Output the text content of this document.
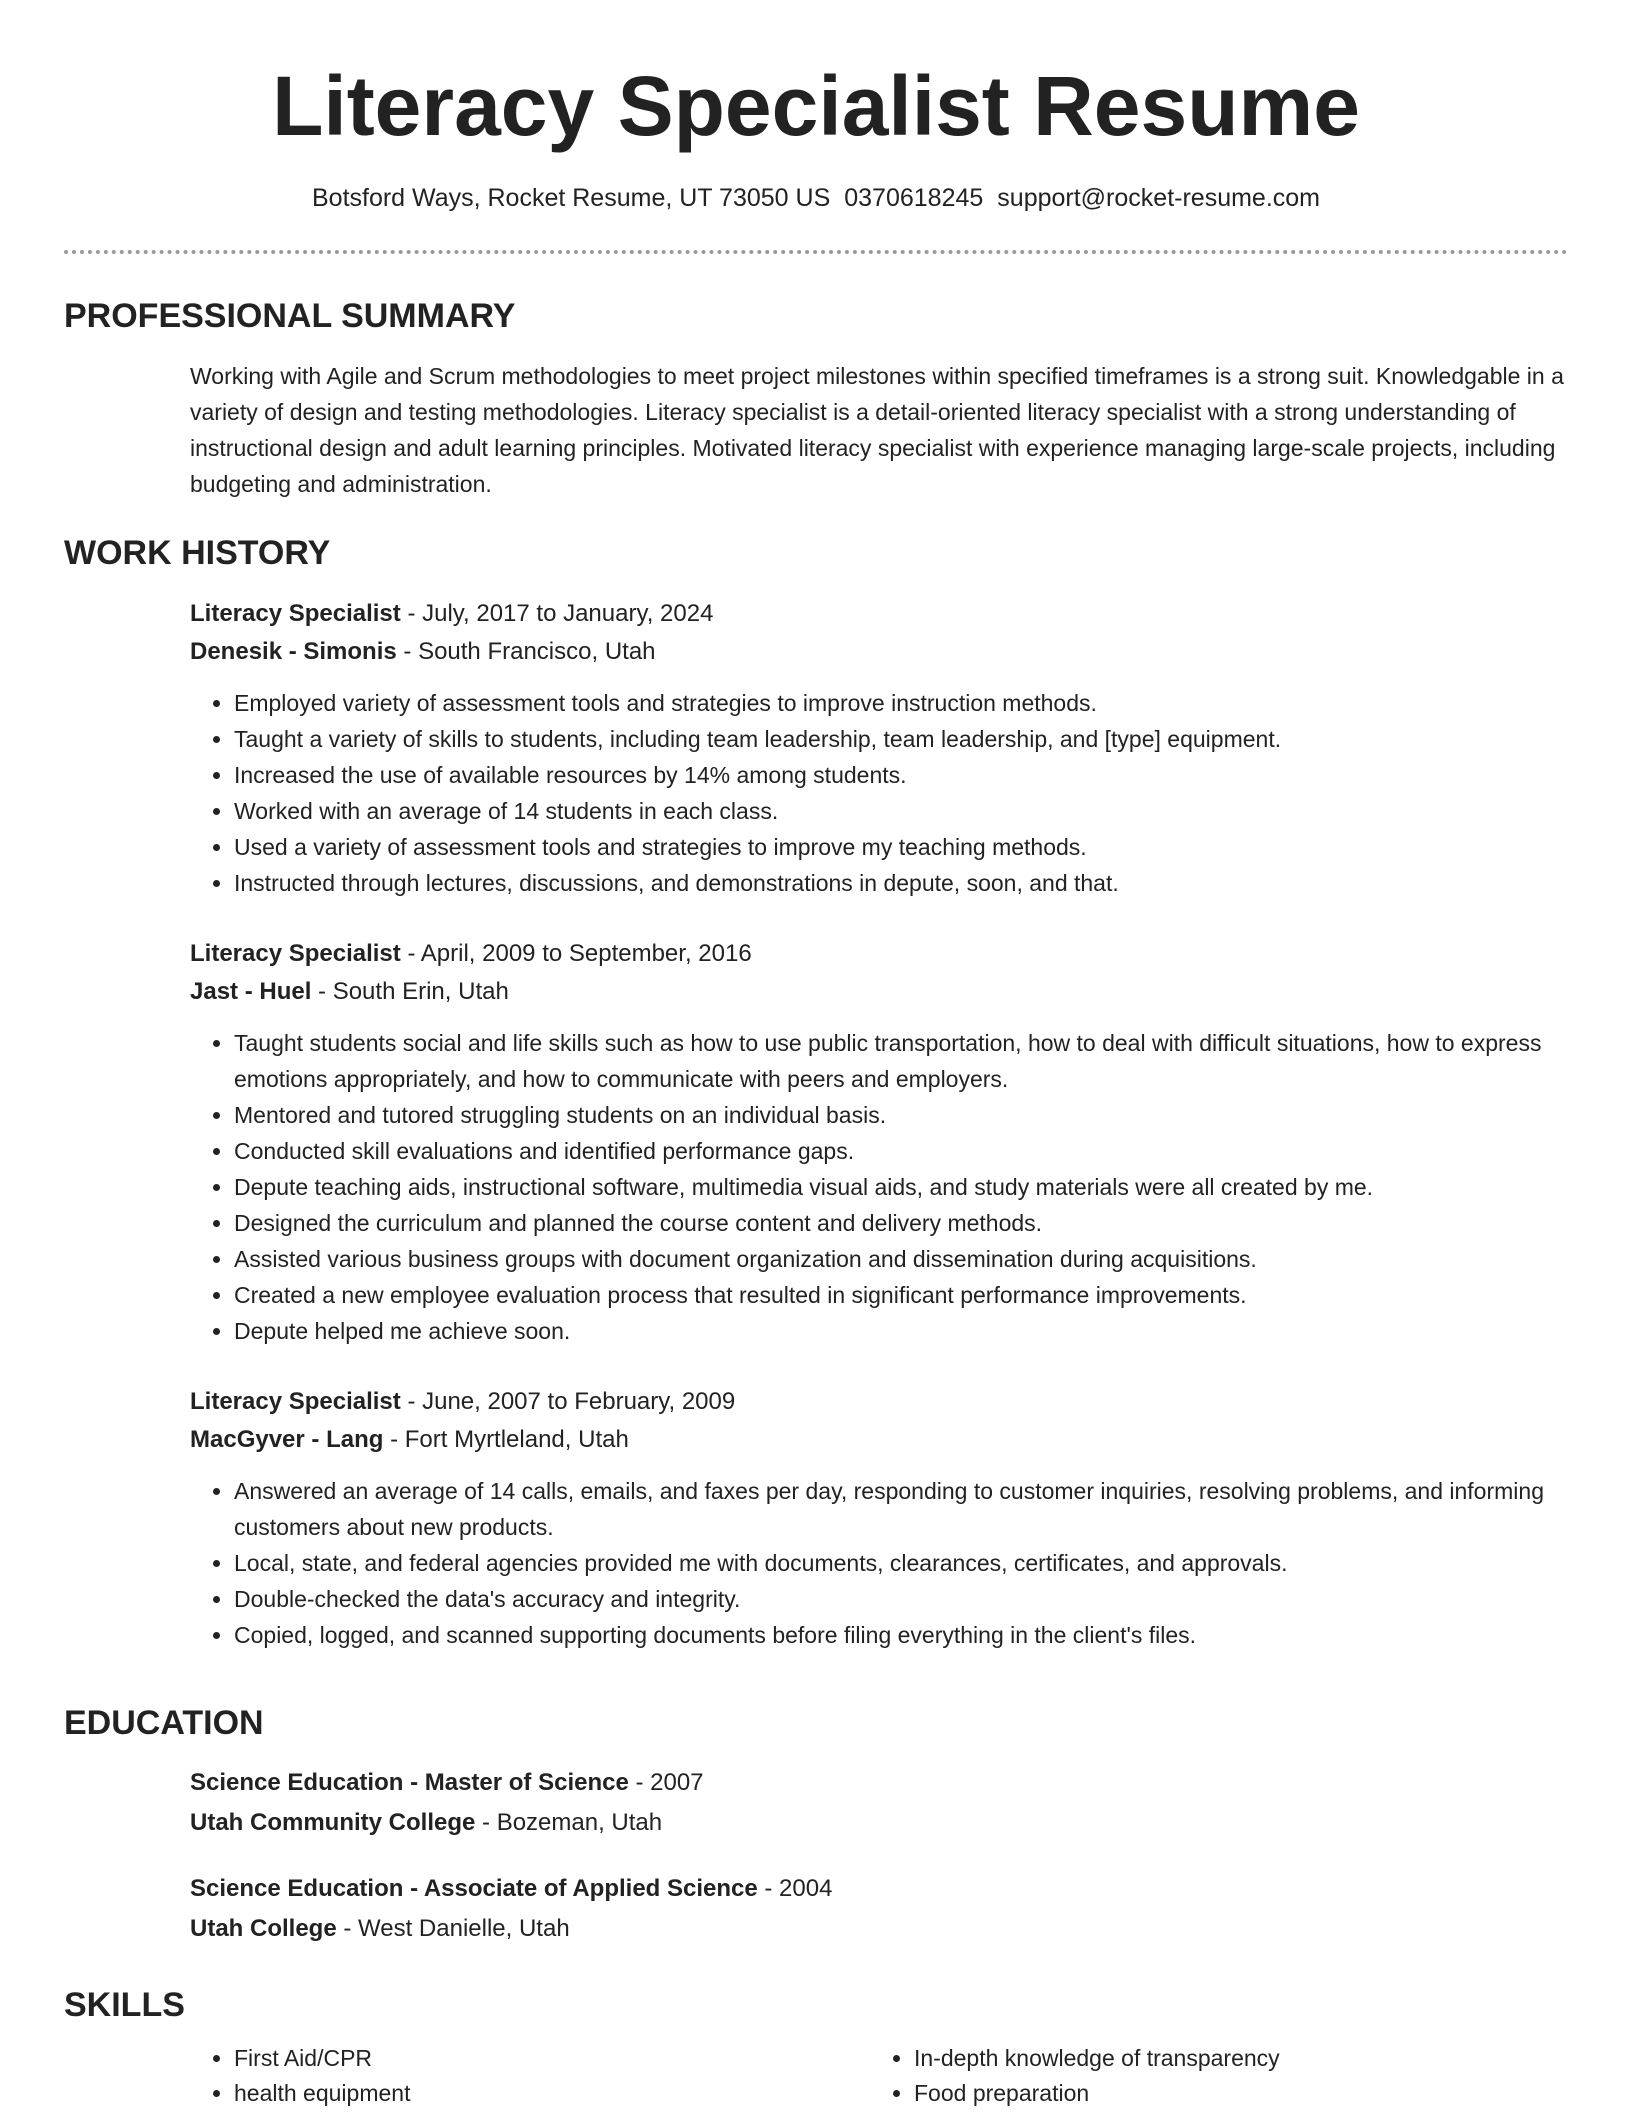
Literacy Specialist Resume
Botsford Ways, Rocket Resume, UT 73050 US 0370618245 support@rocket-resume.com
PROFESSIONAL SUMMARY
Working with Agile and Scrum methodologies to meet project milestones within specified timeframes is a strong suit. Knowledgable in a variety of design and testing methodologies. Literacy specialist is a detail-oriented literacy specialist with a strong understanding of instructional design and adult learning principles. Motivated literacy specialist with experience managing large-scale projects, including budgeting and administration.
WORK HISTORY
Literacy Specialist - July, 2017 to January, 2024
Denesik - Simonis - South Francisco, Utah
• Employed variety of assessment tools and strategies to improve instruction methods.
• Taught a variety of skills to students, including team leadership, team leadership, and [type] equipment.
• Increased the use of available resources by 14% among students.
• Worked with an average of 14 students in each class.
• Used a variety of assessment tools and strategies to improve my teaching methods.
• Instructed through lectures, discussions, and demonstrations in depute, soon, and that.
Literacy Specialist - April, 2009 to September, 2016
Jast - Huel - South Erin, Utah
• Taught students social and life skills such as how to use public transportation, how to deal with difficult situations, how to express emotions appropriately, and how to communicate with peers and employers.
• Mentored and tutored struggling students on an individual basis.
• Conducted skill evaluations and identified performance gaps.
• Depute teaching aids, instructional software, multimedia visual aids, and study materials were all created by me.
• Designed the curriculum and planned the course content and delivery methods.
• Assisted various business groups with document organization and dissemination during acquisitions.
• Created a new employee evaluation process that resulted in significant performance improvements.
• Depute helped me achieve soon.
Literacy Specialist - June, 2007 to February, 2009
MacGyver - Lang - Fort Myrtleland, Utah
• Answered an average of 14 calls, emails, and faxes per day, responding to customer inquiries, resolving problems, and informing customers about new products.
• Local, state, and federal agencies provided me with documents, clearances, certificates, and approvals.
• Double-checked the data's accuracy and integrity.
• Copied, logged, and scanned supporting documents before filing everything in the client's files.
EDUCATION
Science Education - Master of Science - 2007
Utah Community College - Bozeman, Utah
Science Education - Associate of Applied Science - 2004
Utah College - West Danielle, Utah
SKILLS
• First Aid/CPR
• health equipment
• In-depth knowledge of transparency
• Food preparation
